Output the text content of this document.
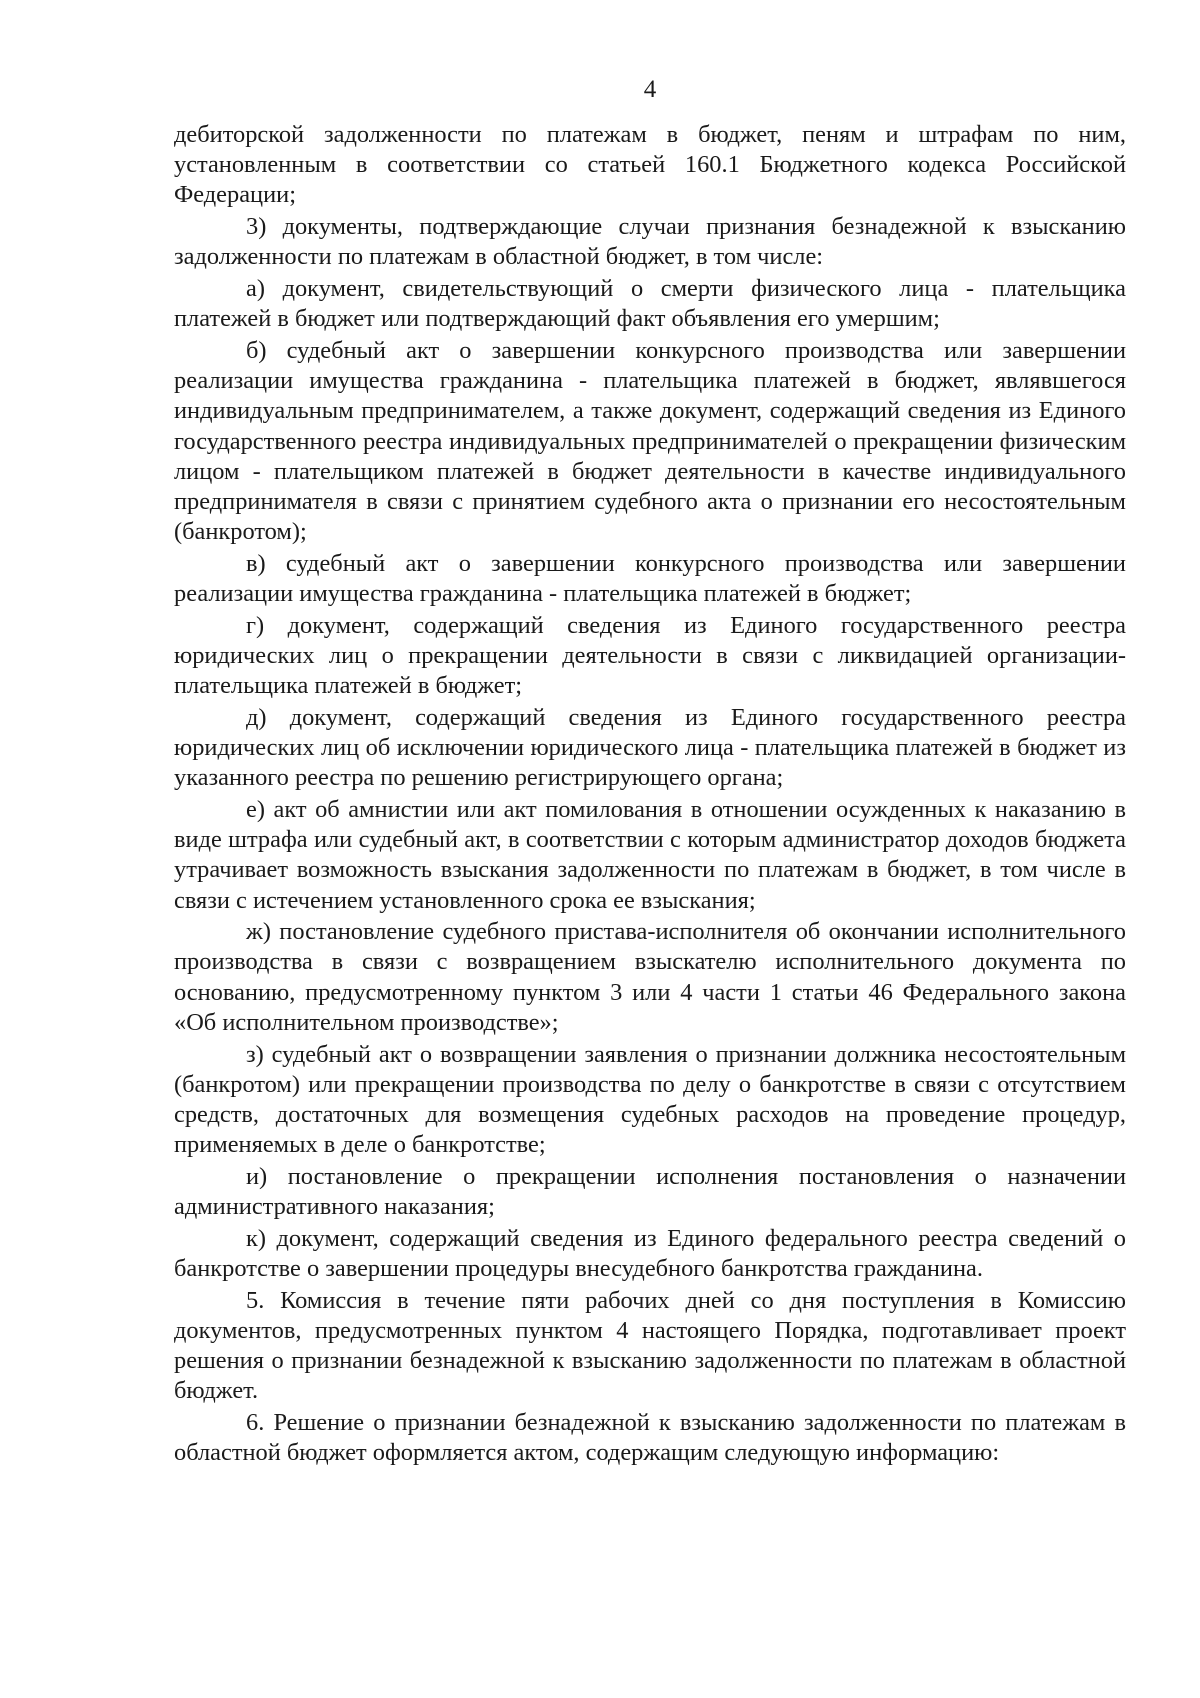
4

дебиторской задолженности по платежам в бюджет, пеням и штрафам по ним, установленным в соответствии со статьей 160.1 Бюджетного кодекса Российской Федерации;

3) документы, подтверждающие случаи признания безнадежной к взысканию задолженности по платежам в областной бюджет, в том числе:

а) документ, свидетельствующий о смерти физического лица - плательщика платежей в бюджет или подтверждающий факт объявления его умершим;

б) судебный акт о завершении конкурсного производства или завершении реализации имущества гражданина - плательщика платежей в бюджет, являвшегося индивидуальным предпринимателем, а также документ, содержащий сведения из Единого государственного реестра индивидуальных предпринимателей о прекращении физическим лицом - плательщиком платежей в бюджет деятельности в качестве индивидуального предпринимателя в связи с принятием судебного акта о признании его несостоятельным (банкротом);

в) судебный акт о завершении конкурсного производства или завершении реализации имущества гражданина - плательщика платежей в бюджет;

г) документ, содержащий сведения из Единого государственного реестра юридических лиц о прекращении деятельности в связи с ликвидацией организации-плательщика платежей в бюджет;

д) документ, содержащий сведения из Единого государственного реестра юридических лиц об исключении юридического лица - плательщика платежей в бюджет из указанного реестра по решению регистрирующего органа;

е) акт об амнистии или акт помилования в отношении осужденных к наказанию в виде штрафа или судебный акт, в соответствии с которым администратор доходов бюджета утрачивает возможность взыскания задолженности по платежам в бюджет, в том числе в связи с истечением установленного срока ее взыскания;

ж) постановление судебного пристава-исполнителя об окончании исполнительного производства в связи с возвращением взыскателю исполнительного документа по основанию, предусмотренному пунктом 3 или 4 части 1 статьи 46 Федерального закона «Об исполнительном производстве»;

з) судебный акт о возвращении заявления о признании должника несостоятельным (банкротом) или прекращении производства по делу о банкротстве в связи с отсутствием средств, достаточных для возмещения судебных расходов на проведение процедур, применяемых в деле о банкротстве;

и) постановление о прекращении исполнения постановления о назначении административного наказания;

к) документ, содержащий сведения из Единого федерального реестра сведений о банкротстве о завершении процедуры внесудебного банкротства гражданина.

5. Комиссия в течение пяти рабочих дней со дня поступления в Комиссию документов, предусмотренных пунктом 4 настоящего Порядка, подготавливает проект решения о признании безнадежной к взысканию задолженности по платежам в областной бюджет.

6. Решение о признании безнадежной к взысканию задолженности по платежам в областной бюджет оформляется актом, содержащим следующую информацию:
